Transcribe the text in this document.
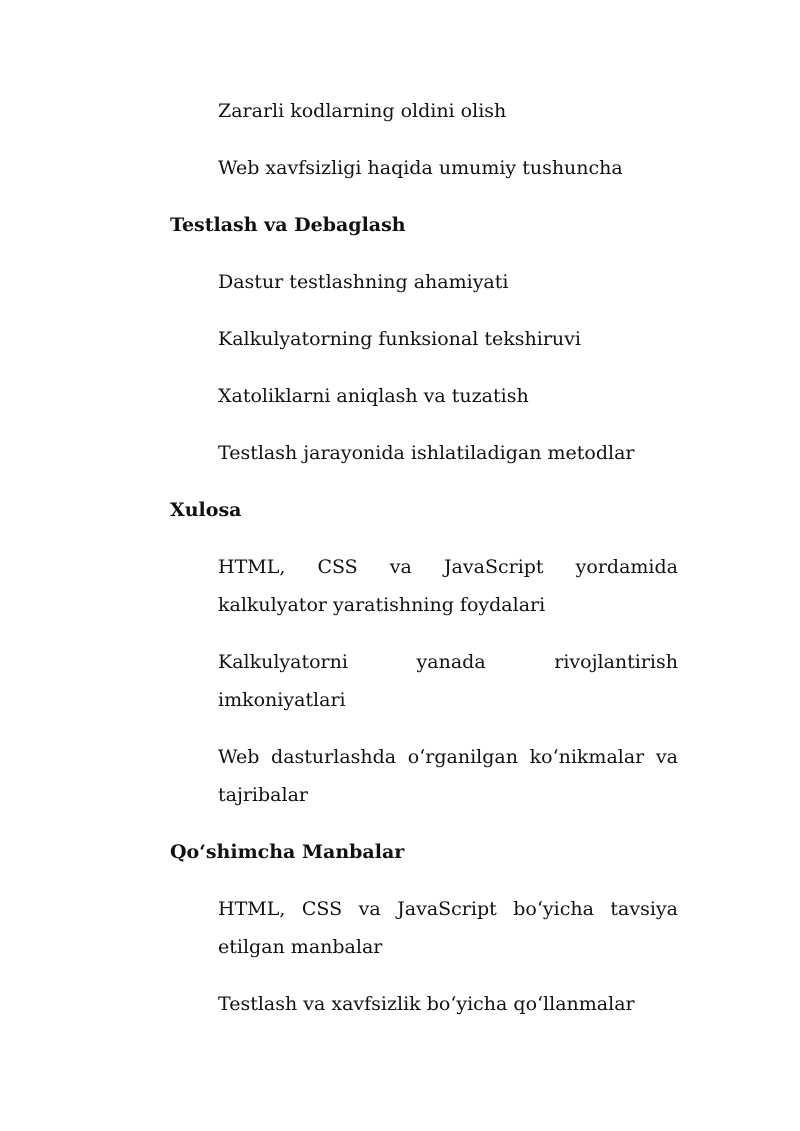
Zararli kodlarning oldini olish
Web xavfsizligi haqida umumiy tushuncha
Testlash va Debaglash
Dastur testlashning ahamiyati
Kalkulyatorning funksional tekshiruvi
Xatoliklarni aniqlash va tuzatish
Testlash jarayonida ishlatiladigan metodlar
Xulosa
HTML, CSS va JavaScript yordamida kalkulyator yaratishning foydalari
Kalkulyatorni yanada rivojlantirish imkoniyatlari
Web dasturlashda o‘rganilgan ko‘nikmalar va tajribalar
Qo‘shimcha Manbalar
HTML, CSS va JavaScript bo‘yicha tavsiya etilgan manbalar
Testlash va xavfsizlik bo‘yicha qo‘llanmalar
